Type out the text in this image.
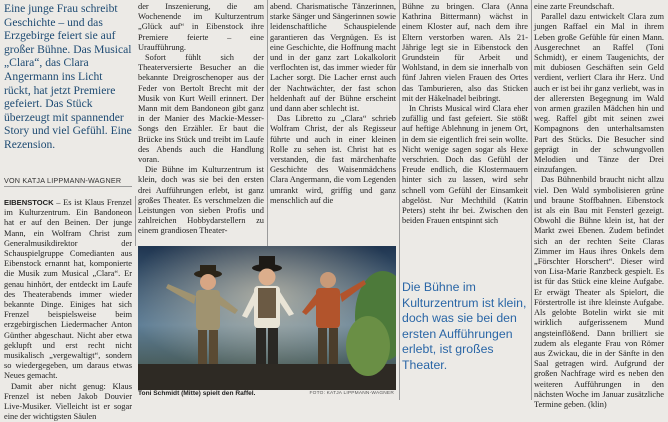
Eine junge Frau schreibt Geschichte – und das Erzgebirge feiert sie auf großer Bühne. Das Musical „Clara“, das Clara Angermann ins Licht rückt, hat jetzt Premiere gefeiert. Das Stück überzeugt mit spannender Story und viel Gefühl. Eine Rezension.

VON KATJA LIPPMANN-WAGNER

EIBENSTOCK – Es ist Klaus Frenzel im Kulturzentrum. Ein Bandoneon hat er auf den Beinen. Der junge Mann, ein Wolfram Christ zum Generalmusikdirektor der Schauspielgruppe Comedianten aus Eibenstock ernannt hat, komponierte die Musik zum Musical „Clara“. Er genau hinhört, der entdeckt im Laufe des Theaterabends immer wieder bekannte Dinge. Einiges hat sich Frenzel beispielsweise beim erzgebirgischen Liedermacher Anton Günther abgeschaut. Nicht aber etwa geklupft und erst recht nicht musikalisch „vergewaltigt“, sondern so wiedergegeben, um daraus etwas Neues gemacht.

Damit aber nicht genug: Klaus Frenzel ist neben Jakob Douvier Live-Musiker. Vielleicht ist er sogar eine der wichtigsten Säulen

der Inszenierung, die am Wochenende im Kulturzentrum „Glück auf“ in Eibenstock ihre Premiere feierte – eine Uraufführung.

Sofort fühlt sich der Theaterversierte Besucher an die bekannte Dreigroschenoper aus der Feder von Bertolt Brecht mit der Musik von Kurt Weill erinnert. Der Mann mit dem Bandoneon gibt ganz in der Manier des Mackie-Messer-Songs den Erzähler. Er baut die Brücke ins Stück und treibt im Laufe des Abends auch die Handlung voran.

Die Bühne im Kulturzentrum ist klein, doch was sie bei den ersten drei Aufführungen erlebt, ist ganz großes Theater. Es verschmelzen die Leistungen von sieben Profis und zahlreichen Hobbydarstellern zu einem grandiosen Theater-

abend. Charismatische Tänzerinnen, starke Sänger und Sängerinnen sowie leidenschaftliche Schauspielende garantieren das Vergnügen. Es ist eine Geschichte, die Hoffnung macht und in der ganz zart Lokalkolorit verflochten ist, das immer wieder für Lacher sorgt. Die Lacher ernst auch der Nachtwächter, der fast schon heldenhaft auf der Bühne erscheint und dann aber schlecht ist.

Das Libretto zu „Clara“ schrieb Wolfram Christ, der als Regisseur führte und auch in einer kleinen Rolle zu sehen ist. Christ hat es verstanden, die fast märchenhafte Geschichte des Waisenmädchens Clara Angermann, die vom Legenden umrankt wird, griffig und ganz menschlich auf die

Bühne zu bringen. Clara (Anna Kathrina Bittermann) wächst in einem Kloster auf, nach dem ihre Eltern verstorben waren. Als 21-Jährige legt sie in Eibenstock den Grundstein für Arbeit und Wohlstand, in dem sie innerhalb von fünf Jahren vielen Frauen des Ortes das Tamburieren, also das Sticken mit der Häkelnadel beibringt.

In Christs Musical wird Clara eher zufällig und fast gefeiert. Sie stößt auf heftige Ablehnung in jenem Ort, in dem sie eigentlich frei sein wollte. Nicht wenige sagen sogar als Hexe verschrien. Doch das Gefühl der Freude endlich, die Klostermauern hinter sich zu lassen, wird sehr schnell vom Gefühl der Einsamkeit abgelöst. Nur Mechthild (Katrin Peters) steht ihr bei. Zwischen den beiden Frauen entspinnt sich

eine zarte Freundschaft.

Parallel dazu entwickelt Clara zum jungen Raffael ein Mal in ihrem Leben große Gefühle für einen Mann. Ausgerechnet an Raffel (Toni Schmidt), er einem Taugenichts, der mit dubiosen Geschäften sein Geld verdient, verliert Clara ihr Herz. Und auch er ist bei ihr ganz verliebt, was in der allerersten Begegnung im Wald von armen grazilen Mädchen hin und weg. Raffel gibt mit seinen zwei Kompagnons den unterhaltsamsten Part des Stücks. Die Besucher sind geprägt in der schwungvollen Melodien und Tänze der Drei einzufangen.

Das Bühnenbild braucht nicht allzu viel. Den Wald symbolisieren grüne und braune Stoffbahnen. Eibenstock ist als ein Bau mit Fensterl gezeigt. Obwohl die Bühne klein ist, hat der Markt zwei Ebenen. Zudem befindet sich an der rechten Seite Claras Zimmer im Haus ihres Onkels dem „Förschter Horschert“. Dieser wird von Lisa-Marie Ranzbeck gespielt. Es ist für das Stück eine kleine Aufgabe. Er erwägt Theater als Spielort, die Förstertrolle ist ihre kleinste Aufgabe. Als gelobte Botelin wirkt sie mit wirklich aufgerissenem Mund angsteinflößend. Dann brilliert sie zudem als elegante Frau von Römer aus Zwickau, die in der Sänfte in den Saal getragen wird. Aufgrund der großen Nachfrage wird es neben den weiteren Aufführungen in den nächsten Woche im Januar zusätzliche Termine geben. (klin)

Toni Schmidt (Mitte) spielt den Raffel.	FOTO: KATJA LIPPMANN-WAGNER
Die Bühne im Kulturzentrum ist klein, doch was sie bei den ersten Aufführungen erlebt, ist großes Theater.
